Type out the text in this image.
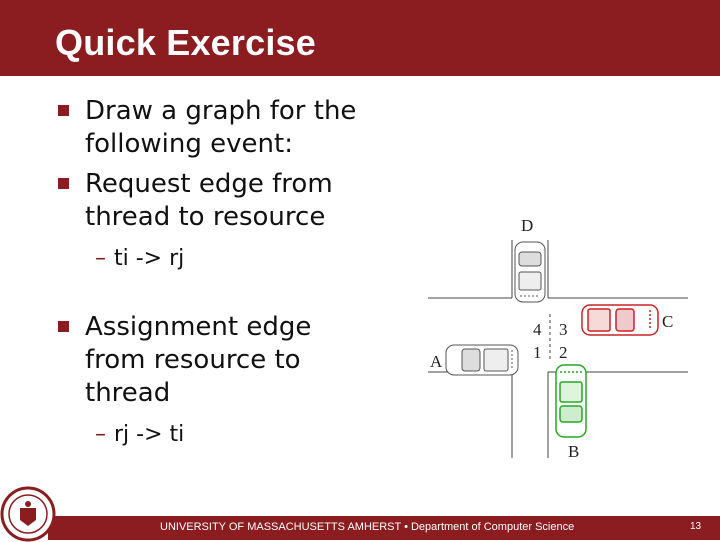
Quick Exercise
Draw a graph for the
following event:
Request edge from
thread to resource
– ti -> rj
Assignment edge
from resource to
thread
– rj -> ti
D
A
B
C
4 3
1 2
UNIVERSITY OF MASSACHUSETTS AMHERST • Department of Computer Science	13
